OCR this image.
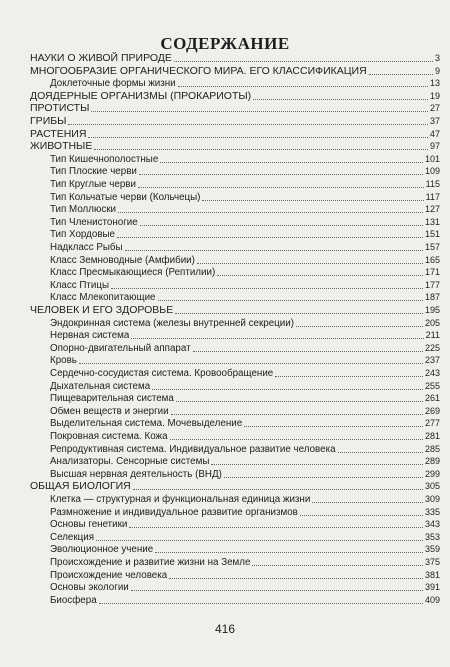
СОДЕРЖАНИЕ
НАУКИ О ЖИВОЙ ПРИРОДЕ	3
МНОГООБРАЗИЕ ОРГАНИЧЕСКОГО МИРА. ЕГО КЛАССИФИКАЦИЯ	9
Доклеточные формы жизни	13
ДОЯДЕРНЫЕ ОРГАНИЗМЫ (ПРОКАРИОТЫ)	19
ПРОТИСТЫ	27
ГРИБЫ	37
РАСТЕНИЯ	47
ЖИВОТНЫЕ	97
Тип Кишечнополостные	101
Тип Плоские черви	109
Тип Круглые черви	115
Тип Кольчатые черви (Кольчецы)	117
Тип Моллюски	127
Тип Членистоногие	131
Тип Хордовые	151
Надкласс Рыбы	157
Класс Земноводные (Амфибии)	165
Класс Пресмыкающиеся (Рептилии)	171
Класс Птицы	177
Класс Млекопитающие	187
ЧЕЛОВЕК И ЕГО ЗДОРОВЬЕ	195
Эндокринная система (железы внутренней секреции)	205
Нервная система	211
Опорно-двигательный аппарат	225
Кровь	237
Сердечно-сосудистая система. Кровообращение	243
Дыхательная система	255
Пищеварительная система	261
Обмен веществ и энергии	269
Выделительная система. Мочевыделение	277
Покровная система. Кожа	281
Репродуктивная система. Индивидуальное развитие человека	285
Анализаторы. Сенсорные системы	289
Высшая нервная деятельность (ВНД)	299
ОБЩАЯ БИОЛОГИЯ	305
Клетка — структурная и функциональная единица жизни	309
Размножение и индивидуальное развитие организмов	335
Основы генетики	343
Селекция	353
Эволюционное учение	359
Происхождение и развитие жизни на Земле	375
Происхождение человека	381
Основы экологии	391
Биосфера	409
416
